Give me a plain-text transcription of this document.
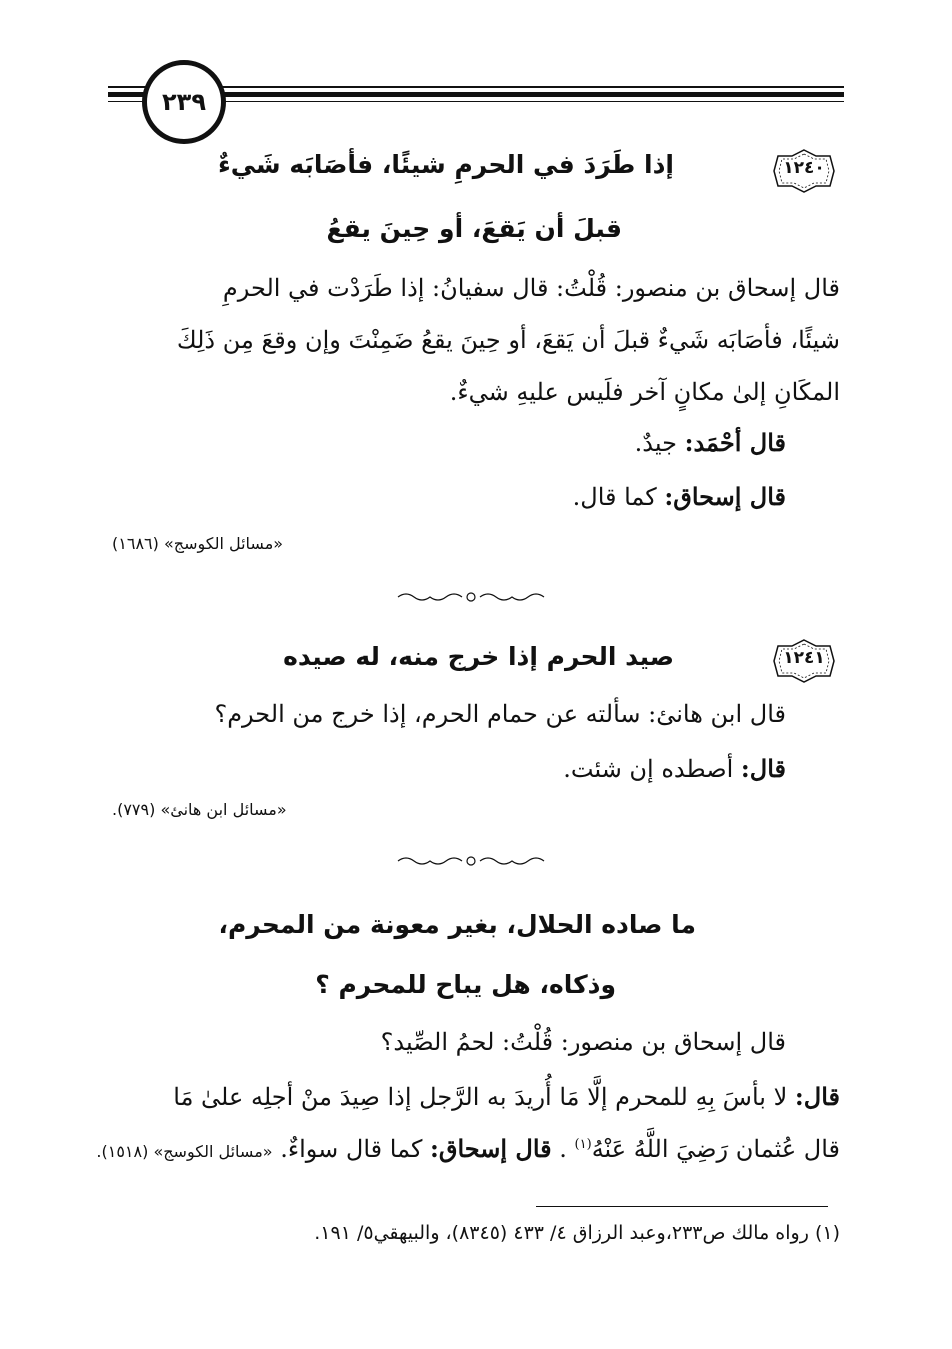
٢٣٩
١٢٤٠
إذا طَرَدَ في الحرمِ شيئًا، فأصَابَه شَيءٌ
قبلَ أن يَقعَ، أو حِينَ يقعُ
قال إسحاق بن منصور: قُلْتُ: قال سفيانُ: إذا طَرَدْت في الحرمِ
شيئًا، فأصَابَه شَيءٌ قبلَ أن يَقعَ، أو حِينَ يقعُ ضَمِنْتَ وإن وقعَ مِن ذَلِكَ
المكَانِ إلىٰ مكانٍ آخر فلَيس عليهِ شيءٌ.
قال أحْمَد: جيدٌ.
قال إسحاق: كما قال.
«مسائل الكوسج» (١٦٨٦)
١٢٤١
صيد الحرم إذا خرج منه، له صيده
قال ابن هانئ: سألته عن حمام الحرم، إذا خرج من الحرم؟
قال: أصطده إن شئت.
«مسائل ابن هانئ» (٧٧٩).
ما صاده الحلال، بغير معونة من المحرم،
وذكاه، هل يباح للمحرم ؟
قال إسحاق بن منصور: قُلْتُ: لحمُ الصِّيد؟
قال: لا بأسَ بِهِ للمحرم إلَّا مَا أُريدَ به الرَّجل إذا صِيدَ منْ أجلِه علىٰ مَا
قال عُثمان رَضِيَ اللَّهُ عَنْهُ$^{(١)}$ . قال إسحاق: كما قال سواءٌ. «مسائل الكوسج» (١٥١٨).
(١) رواه مالك ص٢٣٣،وعبد الرزاق ٤/ ٤٣٣ (٨٣٤٥)، والبيهقي٥/ ١٩١.
